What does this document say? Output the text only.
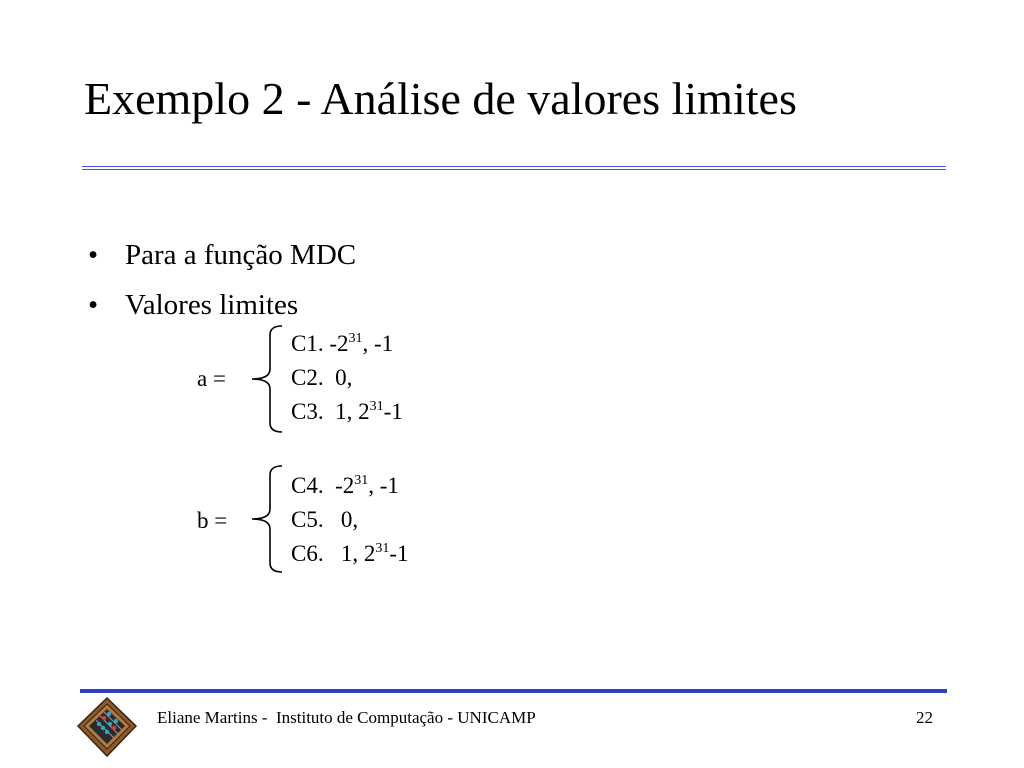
Exemplo 2 - Análise de valores limites
• Para a função MDC
• Valores limites
a =
C1. $-2^{31}$, -1
C2.  0,
C3.  1, $2^{31}-1$
b =
C4.  $-2^{31}$, -1
C5.   0,
C6.   1, $2^{31}-1$
Eliane Martins -  Instituto de Computação - UNICAMP	22
